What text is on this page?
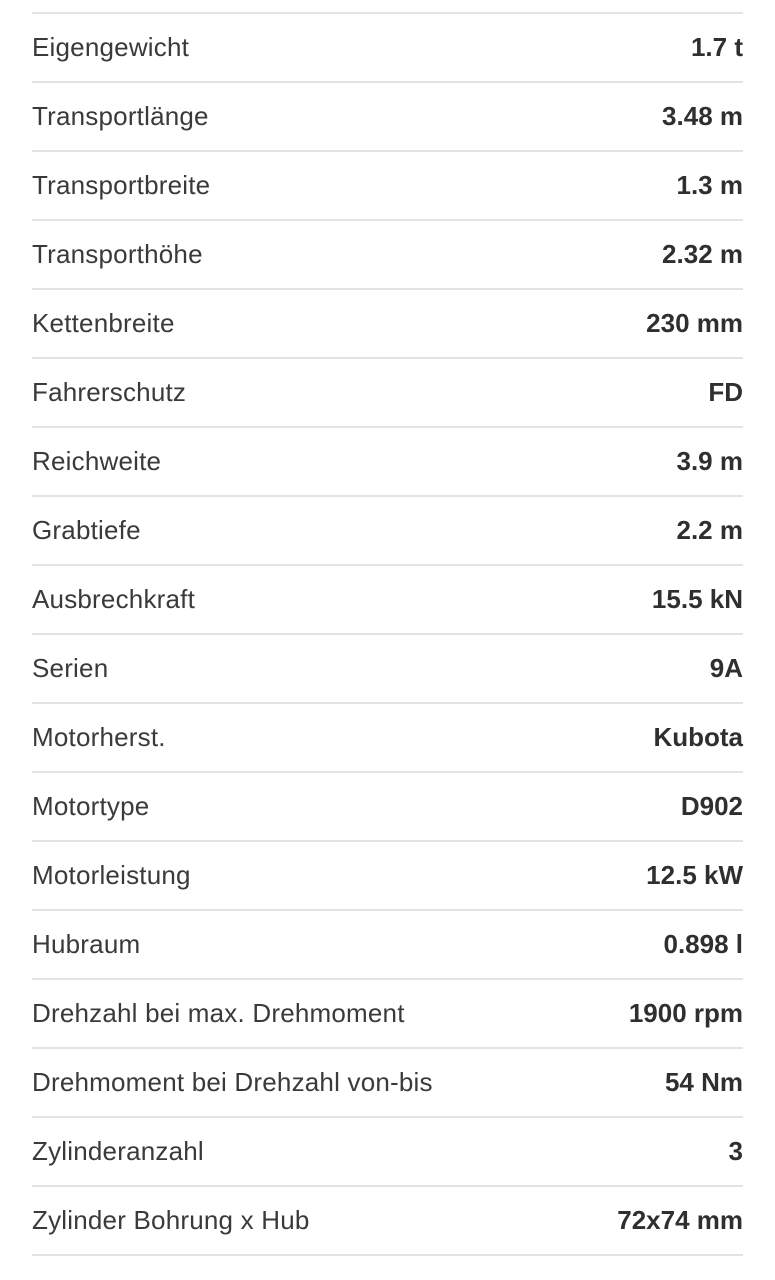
Eigengewicht	1.7 t
Transportlänge	3.48 m
Transportbreite	1.3 m
Transporthöhe	2.32 m
Kettenbreite	230 mm
Fahrerschutz	FD
Reichweite	3.9 m
Grabtiefe	2.2 m
Ausbrechkraft	15.5 kN
Serien	9A
Motorherst.	Kubota
Motortype	D902
Motorleistung	12.5 kW
Hubraum	0.898 l
Drehzahl bei max. Drehmoment	1900 rpm
Drehmoment bei Drehzahl von-bis	54 Nm
Zylinderanzahl	3
Zylinder Bohrung x Hub	72x74 mm
